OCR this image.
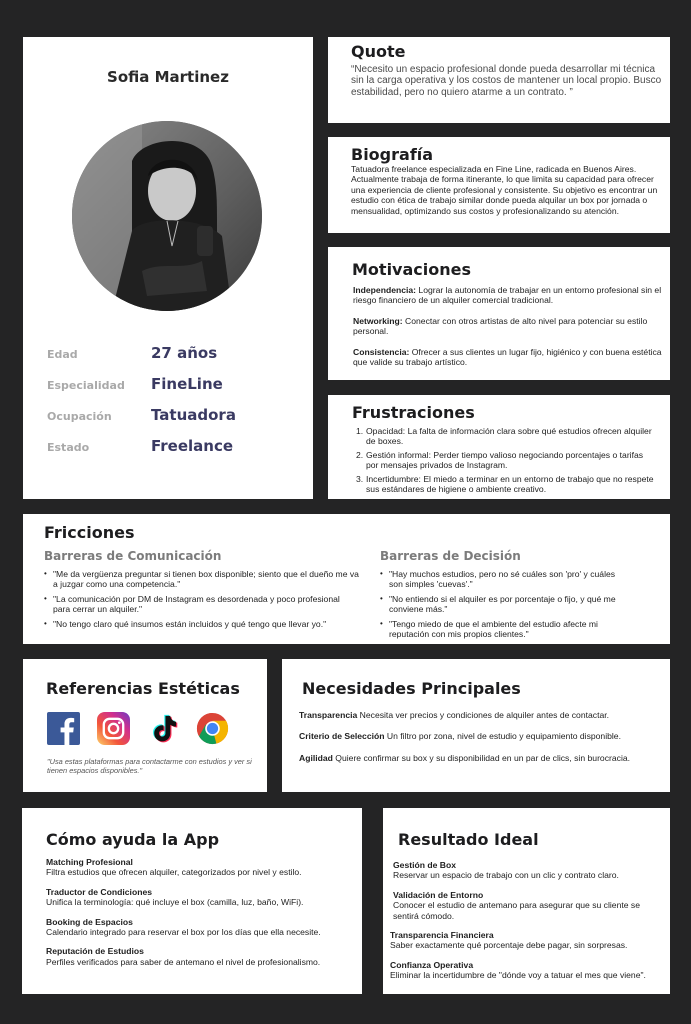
Sofia Martinez
Edad	27 años
Especialidad FineLine
Ocupación	Tatuadora
Estado	Freelance
Quote
“Necesito un espacio profesional donde pueda desarrollar mi técnica sin la carga operativa y los costos de mantener un local propio. Busco estabilidad, pero no quiero atarme a un contrato. ”
Biografía
Tatuadora freelance especializada en Fine Line, radicada en Buenos Aires. Actualmente trabaja de forma itinerante, lo que limita su capacidad para ofrecer una experiencia de cliente profesional y consistente. Su objetivo es encontrar un estudio con ética de trabajo similar donde pueda alquilar un box por jornada o mensualidad, optimizando sus costos y profesionalizando su atención.
Motivaciones
Independencia: Lograr la autonomía de trabajar en un entorno profesional sin el riesgo financiero de un alquiler comercial tradicional.
Networking: Conectar con otros artistas de alto nivel para potenciar su estilo personal.
Consistencia: Ofrecer a sus clientes un lugar fijo, higiénico y con buena estética que valide su trabajo artístico.
Frustraciones
1. Opacidad: La falta de información clara sobre qué estudios ofrecen alquiler de boxes.
2. Gestión informal: Perder tiempo valioso negociando porcentajes o tarifas por mensajes privados de Instagram.
3. Incertidumbre: El miedo a terminar en un entorno de trabajo que no respete sus estándares de higiene o ambiente creativo.
Fricciones
Barreras de Comunicación
• "Me da vergüenza preguntar si tienen box disponible; siento que el dueño me va a juzgar como una competencia."
• "La comunicación por DM de Instagram es desordenada y poco profesional para cerrar un alquiler."
• "No tengo claro qué insumos están incluidos y qué tengo que llevar yo."
Barreras de Decisión
• "Hay muchos estudios, pero no sé cuáles son 'pro' y cuáles son simples 'cuevas'."
• "No entiendo si el alquiler es por porcentaje o fijo, y qué me conviene más."
• "Tengo miedo de que el ambiente del estudio afecte mi reputación con mis propios clientes."
Referencias Estéticas
"Usa estas plataformas para contactarme con estudios y ver si tienen espacios disponibles."
Necesidades Principales
Transparencia Necesita ver precios y condiciones de alquiler antes de contactar.
Criterio de Selección Un filtro por zona, nivel de estudio y equipamiento disponible.
Agilidad Quiere confirmar su box y su disponibilidad en un par de clics, sin burocracia.
Cómo ayuda la App
Matching Profesional
Filtra estudios que ofrecen alquiler, categorizados por nivel y estilo.
Traductor de Condiciones
Unifica la terminología: qué incluye el box (camilla, luz, baño, WiFi).
Booking de Espacios
Calendario integrado para reservar el box por los días que ella necesite.
Reputación de Estudios
Perfiles verificados para saber de antemano el nivel de profesionalismo.
Resultado Ideal
Gestión de Box
Reservar un espacio de trabajo con un clic y contrato claro.
Validación de Entorno
Conocer el estudio de antemano para asegurar que su cliente se sentirá cómodo.
Transparencia Financiera
Saber exactamente qué porcentaje debe pagar, sin sorpresas.
Confianza Operativa
Eliminar la incertidumbre de "dónde voy a tatuar el mes que viene".
